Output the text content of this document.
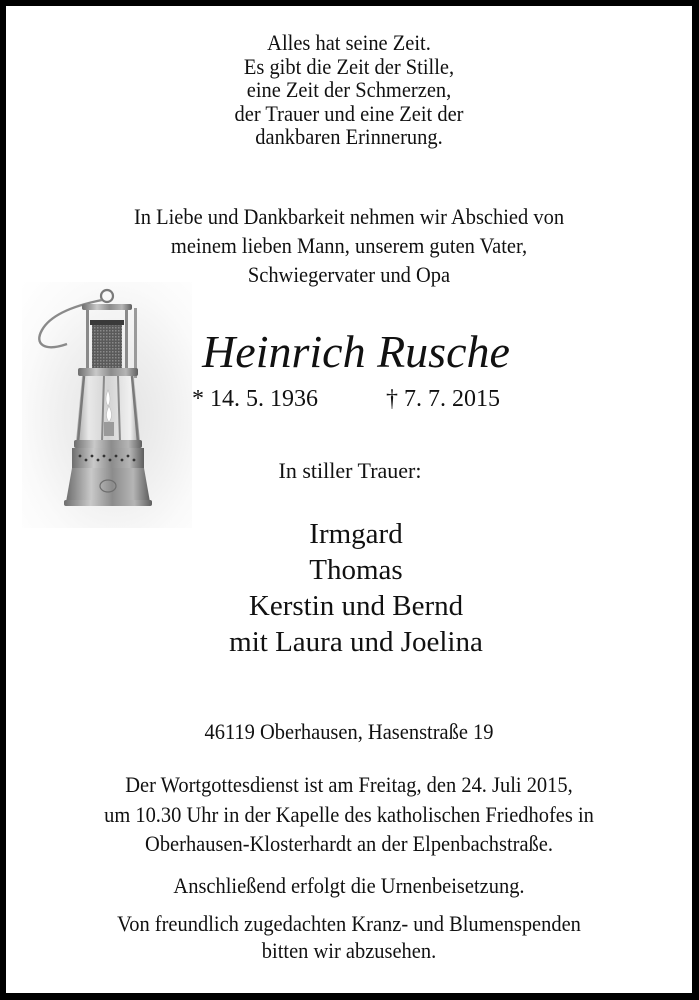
Alles hat seine Zeit.
Es gibt die Zeit der Stille,
eine Zeit der Schmerzen,
der Trauer und eine Zeit der
dankbaren Erinnerung.
In Liebe und Dankbarkeit nehmen wir Abschied von
meinem lieben Mann, unserem guten Vater,
Schwiegervater und Opa
Heinrich Rusche
* 14. 5. 1936	† 7. 7. 2015
In stiller Trauer:
Irmgard
Thomas
Kerstin und Bernd
mit Laura und Joelina
46119 Oberhausen, Hasenstraße 19
Der Wortgottesdienst ist am Freitag, den 24. Juli 2015,
um 10.30 Uhr in der Kapelle des katholischen Friedhofes in
Oberhausen-Klosterhardt an der Elpenbachstraße.
Anschließend erfolgt die Urnenbeisetzung.
Von freundlich zugedachten Kranz- und Blumenspenden
bitten wir abzusehen.
